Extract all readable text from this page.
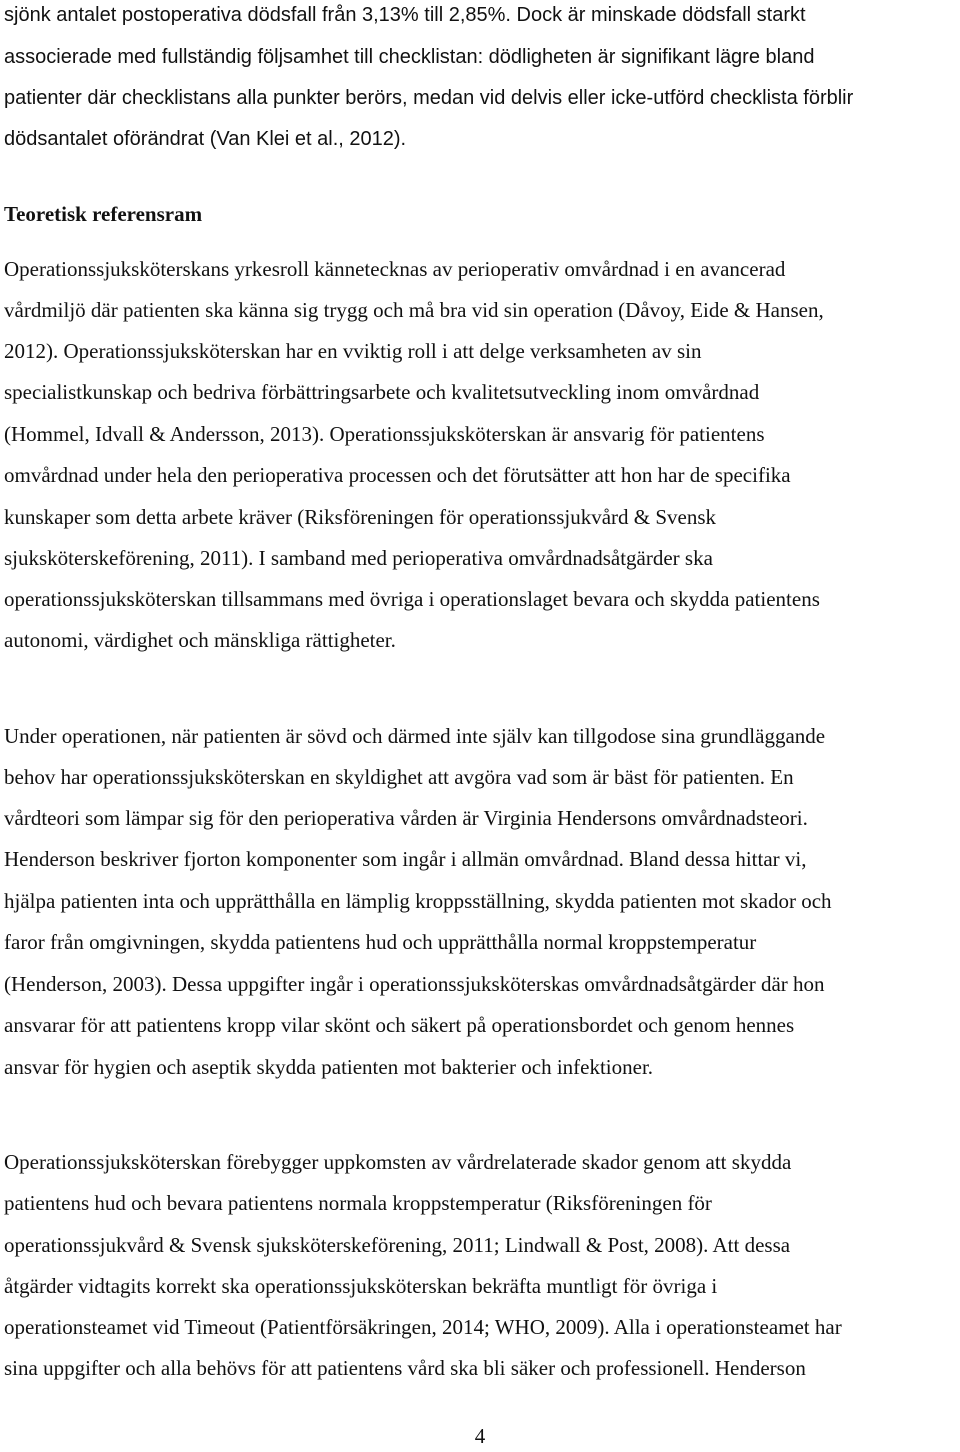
sjönk antalet postoperativa dödsfall från 3,13% till 2,85%. Dock är minskade dödsfall starkt
associerade med fullständig följsamhet till checklistan: dödligheten är signifikant lägre bland
patienter där checklistans alla punkter berörs, medan vid delvis eller icke-utförd checklista förblir
dödsantalet oförändrat (Van Klei et al., 2012).
Teoretisk referensram
Operationssjuksköterskans yrkesroll kännetecknas av perioperativ omvårdnad i en avancerad
vårdmiljö där patienten ska känna sig trygg och må bra vid sin operation (Dåvoy, Eide & Hansen,
2012). Operationssjuksköterskan har en vviktig roll i att delge verksamheten av sin
specialistkunskap och bedriva förbättringsarbete och kvalitetsutveckling inom omvårdnad
(Hommel, Idvall & Andersson, 2013). Operationssjuksköterskan är ansvarig för patientens
omvårdnad under hela den perioperativa processen och det förutsätter att hon har de specifika
kunskaper som detta arbete kräver (Riksföreningen för operationssjukvård & Svensk
sjuksköterskeförening, 2011). I samband med perioperativa omvårdnadsåtgärder ska
operationssjuksköterskan tillsammans med övriga i operationslaget bevara och skydda patientens
autonomi, värdighet och mänskliga rättigheter.
Under operationen, när patienten är sövd och därmed inte själv kan tillgodose sina grundläggande
behov har operationssjuksköterskan en skyldighet att avgöra vad som är bäst för patienten. En
vårdteori som lämpar sig för den perioperativa vården är Virginia Hendersons omvårdnadsteori.
Henderson beskriver fjorton komponenter som ingår i allmän omvårdnad. Bland dessa hittar vi,
hjälpa patienten inta och upprätthålla en lämplig kroppsställning, skydda patienten mot skador och
faror från omgivningen, skydda patientens hud och upprätthålla normal kroppstemperatur
(Henderson, 2003). Dessa uppgifter ingår i operationssjuksköterskas omvårdnadsåtgärder där hon
ansvarar för att patientens kropp vilar skönt och säkert på operationsbordet och genom hennes
ansvar för hygien och aseptik skydda patienten mot bakterier och infektioner.
Operationssjuksköterskan förebygger uppkomsten av vårdrelaterade skador genom att skydda
patientens hud och bevara patientens normala kroppstemperatur (Riksföreningen för
operationssjukvård & Svensk sjuksköterskeförening, 2011; Lindwall & Post, 2008). Att dessa
åtgärder vidtagits korrekt ska operationssjuksköterskan bekräfta muntligt för övriga i
operationsteamet vid Timeout (Patientförsäkringen, 2014; WHO, 2009). Alla i operationsteamet har
sina uppgifter och alla behövs för att patientens vård ska bli säker och professionell. Henderson
4
